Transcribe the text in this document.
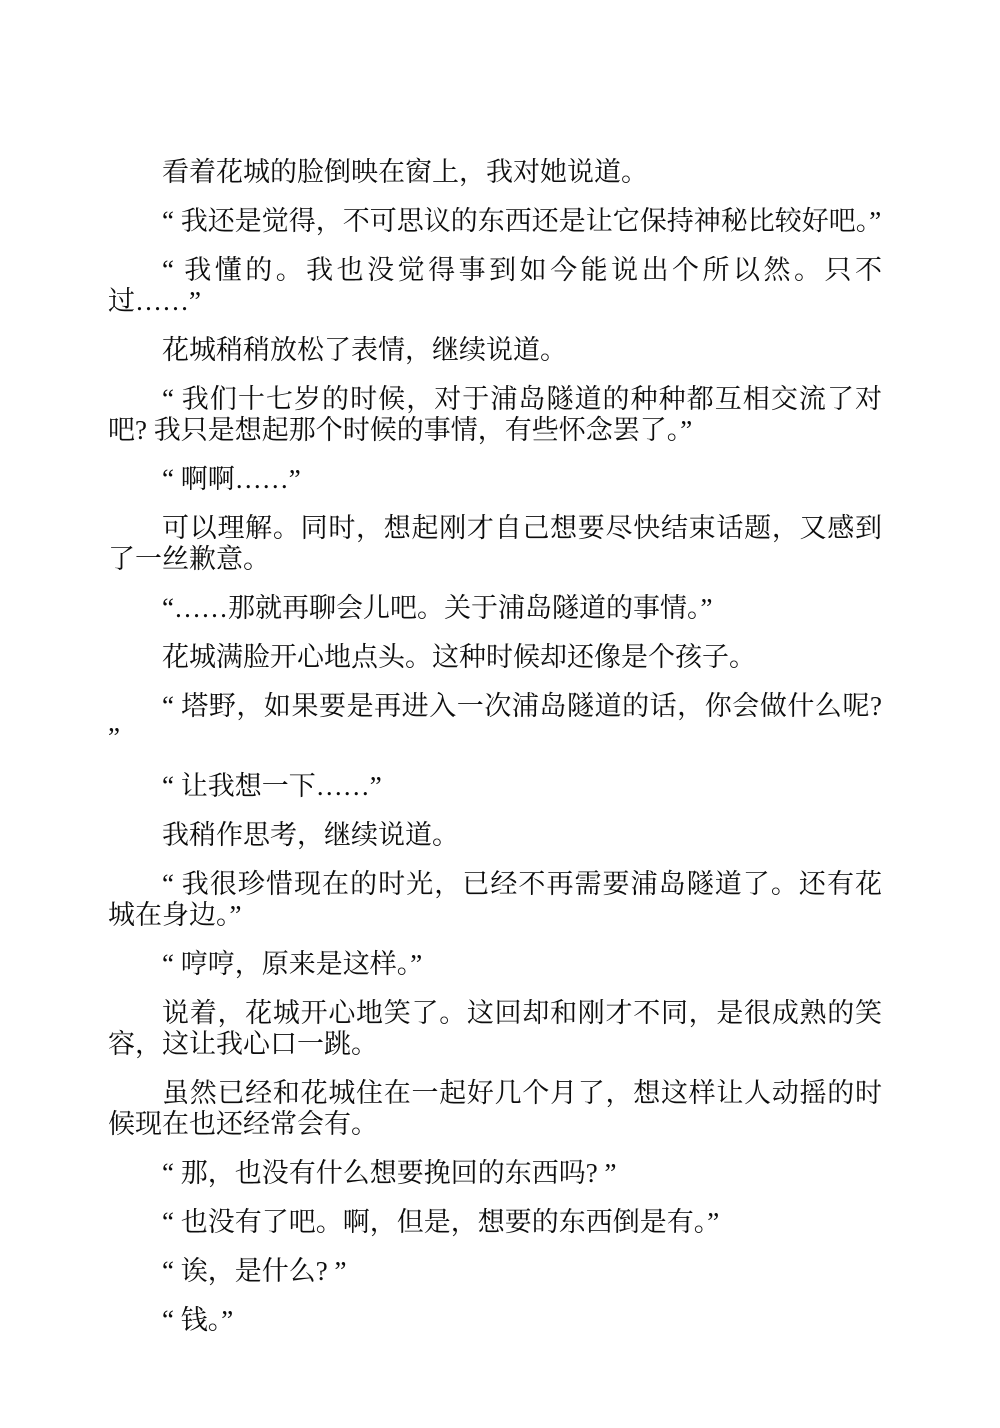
看着花城的脸倒映在窗上，我对她说道。

“ 我还是觉得，不可思议的东西还是让它保持神秘比较好吧。”

“ 我懂的。我也没觉得事到如今能说出个所以然。只不过……”

花城稍稍放松了表情，继续说道。

“ 我们十七岁的时候，对于浦岛隧道的种种都互相交流了对吧? 我只是想起那个时候的事情，有些怀念罢了。”

“ 啊啊……”

可以理解。同时，想起刚才自己想要尽快结束话题，又感到了一丝歉意。

“……那就再聊会儿吧。关于浦岛隧道的事情。”

花城满脸开心地点头。这种时候却还像是个孩子。

“ 塔野，如果要是再进入一次浦岛隧道的话，你会做什么呢? ”

“ 让我想一下……”

我稍作思考，继续说道。

“ 我很珍惜现在的时光，已经不再需要浦岛隧道了。还有花城在身边。”

“ 哼哼，原来是这样。”

说着，花城开心地笑了。这回却和刚才不同，是很成熟的笑容，这让我心口一跳。

虽然已经和花城住在一起好几个月了，想这样让人动摇的时候现在也还经常会有。

“ 那，也没有什么想要挽回的东西吗? ”

“ 也没有了吧。啊，但是，想要的东西倒是有。”

“ 诶，是什么? ”

“ 钱。”
